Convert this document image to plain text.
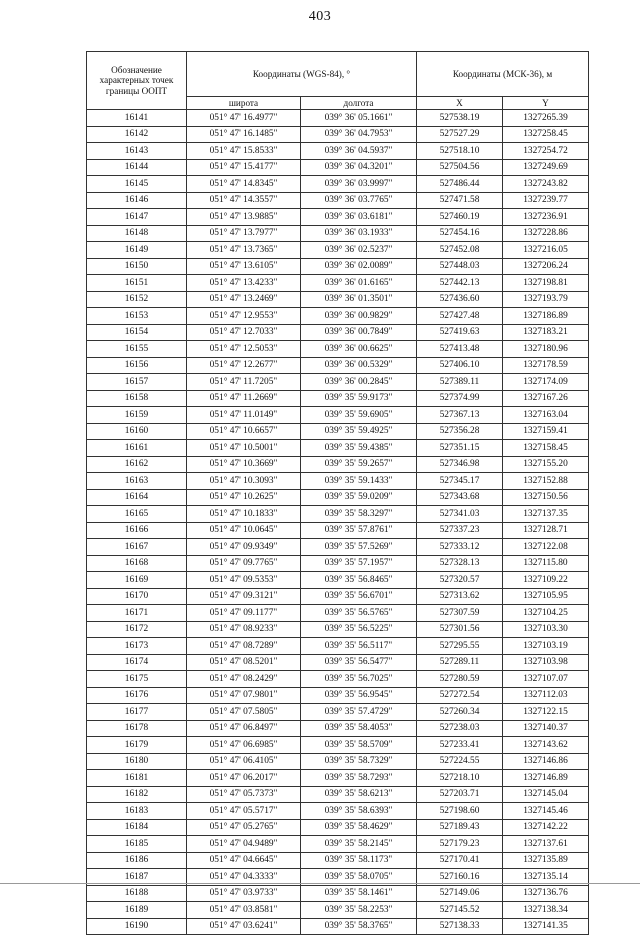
403
Обозначение характерных точек границы ООПТ	Координаты (WGS-84), °		Координаты (МСК-36), м	
	широта	долгота	X	Y
16141	051° 47' 16.4977"	039° 36' 05.1661"	527538.19	1327265.39
16142	051° 47' 16.1485"	039° 36' 04.7953"	527527.29	1327258.45
16143	051° 47' 15.8533"	039° 36' 04.5937"	527518.10	1327254.72
16144	051° 47' 15.4177"	039° 36' 04.3201"	527504.56	1327249.69
16145	051° 47' 14.8345"	039° 36' 03.9997"	527486.44	1327243.82
16146	051° 47' 14.3557"	039° 36' 03.7765"	527471.58	1327239.77
16147	051° 47' 13.9885"	039° 36' 03.6181"	527460.19	1327236.91
16148	051° 47' 13.7977"	039° 36' 03.1933"	527454.16	1327228.86
16149	051° 47' 13.7365"	039° 36' 02.5237"	527452.08	1327216.05
16150	051° 47' 13.6105"	039° 36' 02.0089"	527448.03	1327206.24
16151	051° 47' 13.4233"	039° 36' 01.6165"	527442.13	1327198.81
16152	051° 47' 13.2469"	039° 36' 01.3501"	527436.60	1327193.79
16153	051° 47' 12.9553"	039° 36' 00.9829"	527427.48	1327186.89
16154	051° 47' 12.7033"	039° 36' 00.7849"	527419.63	1327183.21
16155	051° 47' 12.5053"	039° 36' 00.6625"	527413.48	1327180.96
16156	051° 47' 12.2677"	039° 36' 00.5329"	527406.10	1327178.59
16157	051° 47' 11.7205"	039° 36' 00.2845"	527389.11	1327174.09
16158	051° 47' 11.2669"	039° 35' 59.9173"	527374.99	1327167.26
16159	051° 47' 11.0149"	039° 35' 59.6905"	527367.13	1327163.04
16160	051° 47' 10.6657"	039° 35' 59.4925"	527356.28	1327159.41
16161	051° 47' 10.5001"	039° 35' 59.4385"	527351.15	1327158.45
16162	051° 47' 10.3669"	039° 35' 59.2657"	527346.98	1327155.20
16163	051° 47' 10.3093"	039° 35' 59.1433"	527345.17	1327152.88
16164	051° 47' 10.2625"	039° 35' 59.0209"	527343.68	1327150.56
16165	051° 47' 10.1833"	039° 35' 58.3297"	527341.03	1327137.35
16166	051° 47' 10.0645"	039° 35' 57.8761"	527337.23	1327128.71
16167	051° 47' 09.9349"	039° 35' 57.5269"	527333.12	1327122.08
16168	051° 47' 09.7765"	039° 35' 57.1957"	527328.13	1327115.80
16169	051° 47' 09.5353"	039° 35' 56.8465"	527320.57	1327109.22
16170	051° 47' 09.3121"	039° 35' 56.6701"	527313.62	1327105.95
16171	051° 47' 09.1177"	039° 35' 56.5765"	527307.59	1327104.25
16172	051° 47' 08.9233"	039° 35' 56.5225"	527301.56	1327103.30
16173	051° 47' 08.7289"	039° 35' 56.5117"	527295.55	1327103.19
16174	051° 47' 08.5201"	039° 35' 56.5477"	527289.11	1327103.98
16175	051° 47' 08.2429"	039° 35' 56.7025"	527280.59	1327107.07
16176	051° 47' 07.9801"	039° 35' 56.9545"	527272.54	1327112.03
16177	051° 47' 07.5805"	039° 35' 57.4729"	527260.34	1327122.15
16178	051° 47' 06.8497"	039° 35' 58.4053"	527238.03	1327140.37
16179	051° 47' 06.6985"	039° 35' 58.5709"	527233.41	1327143.62
16180	051° 47' 06.4105"	039° 35' 58.7329"	527224.55	1327146.86
16181	051° 47' 06.2017"	039° 35' 58.7293"	527218.10	1327146.89
16182	051° 47' 05.7373"	039° 35' 58.6213"	527203.71	1327145.04
16183	051° 47' 05.5717"	039° 35' 58.6393"	527198.60	1327145.46
16184	051° 47' 05.2765"	039° 35' 58.4629"	527189.43	1327142.22
16185	051° 47' 04.9489"	039° 35' 58.2145"	527179.23	1327137.61
16186	051° 47' 04.6645"	039° 35' 58.1173"	527170.41	1327135.89
16187	051° 47' 04.3333"	039° 35' 58.0705"	527160.16	1327135.14
16188	051° 47' 03.9733"	039° 35' 58.1461"	527149.06	1327136.76
16189	051° 47' 03.8581"	039° 35' 58.2253"	527145.52	1327138.34
16190	051° 47' 03.6241"	039° 35' 58.3765"	527138.33	1327141.35
